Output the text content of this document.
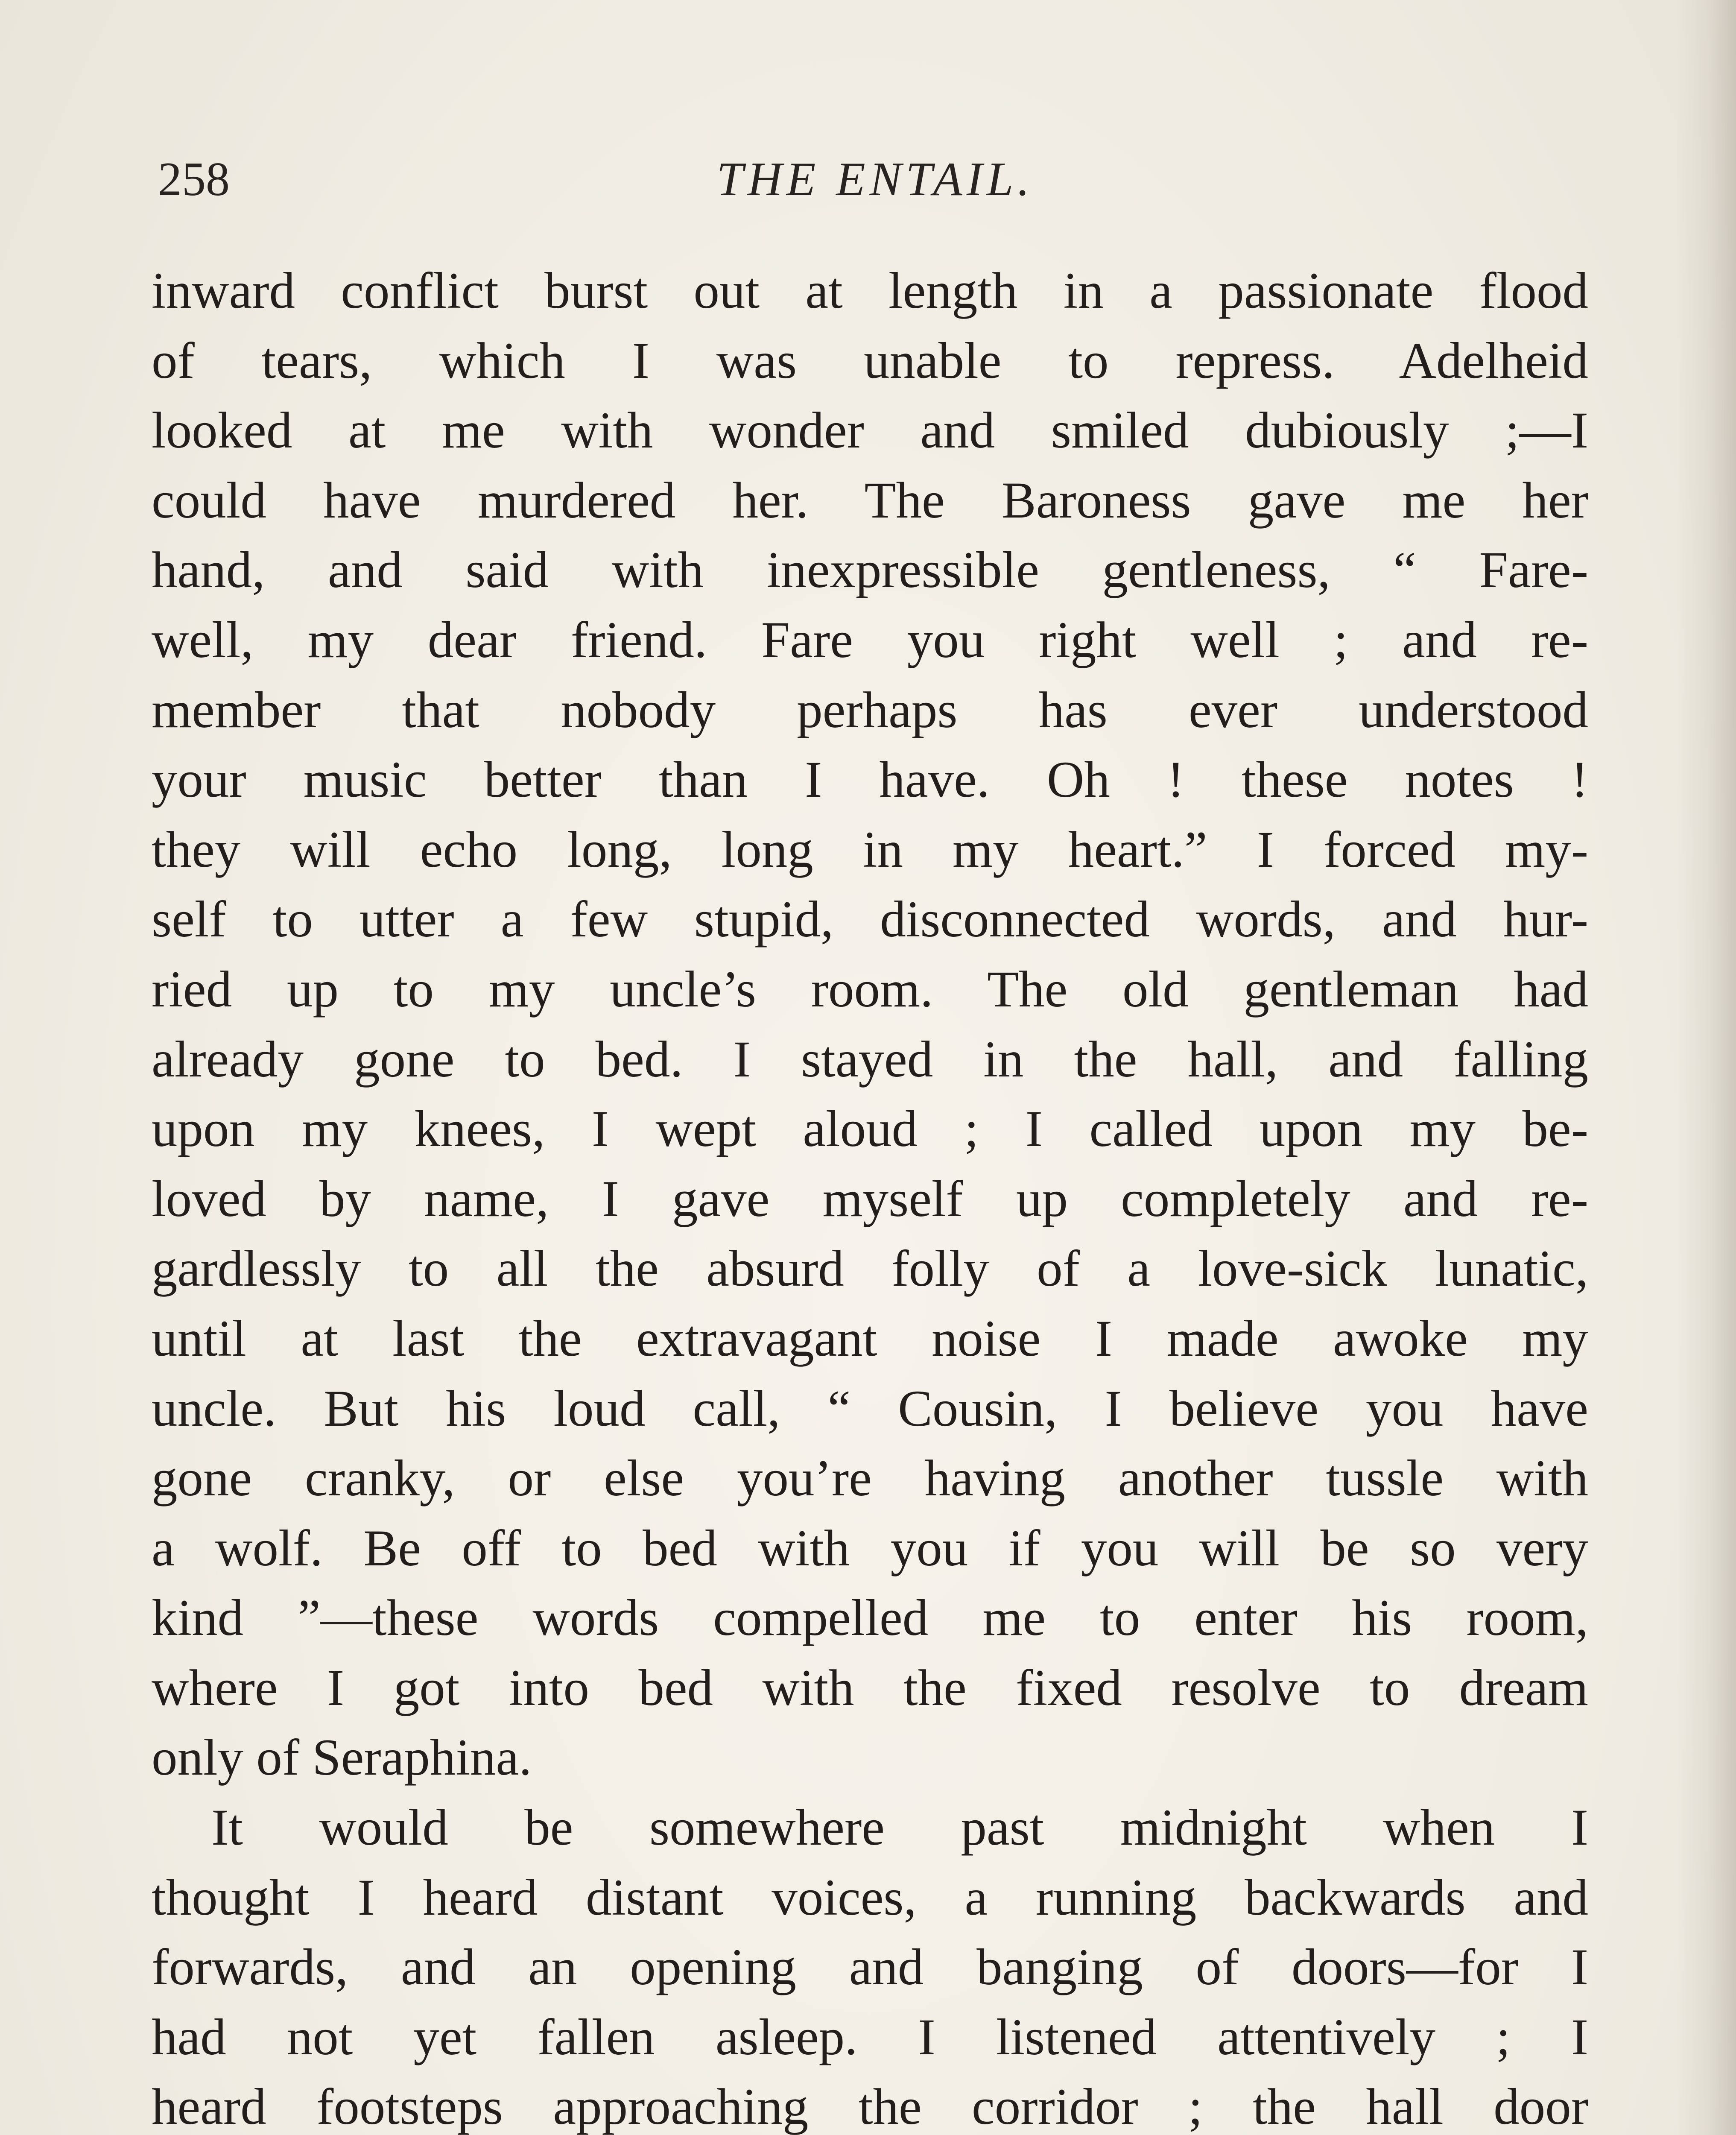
258	THE ENTAIL.
inward conflict burst out at length in a passionate flood
of tears, which I was unable to repress. Adelheid
looked at me with wonder and smiled dubiously ;—I
could have murdered her. The Baroness gave me her
hand, and said with inexpressible gentleness, “ Fare-
well, my dear friend. Fare you right well ; and re-
member that nobody perhaps has ever understood
your music better than I have. Oh ! these notes !
they will echo long, long in my heart.” I forced my-
self to utter a few stupid, disconnected words, and hur-
ried up to my uncle’s room. The old gentleman had
already gone to bed. I stayed in the hall, and falling
upon my knees, I wept aloud ; I called upon my be-
loved by name, I gave myself up completely and re-
gardlessly to all the absurd folly of a love-sick lunatic,
until at last the extravagant noise I made awoke my
uncle. But his loud call, “ Cousin, I believe you have
gone cranky, or else you’re having another tussle with
a wolf. Be off to bed with you if you will be so very
kind ”—these words compelled me to enter his room,
where I got into bed with the fixed resolve to dream
only of Seraphina.
It would be somewhere past midnight when I
thought I heard distant voices, a running backwards and
forwards, and an opening and banging of doors—for I
had not yet fallen asleep. I listened attentively ; I
heard footsteps approaching the corridor ; the hall door
